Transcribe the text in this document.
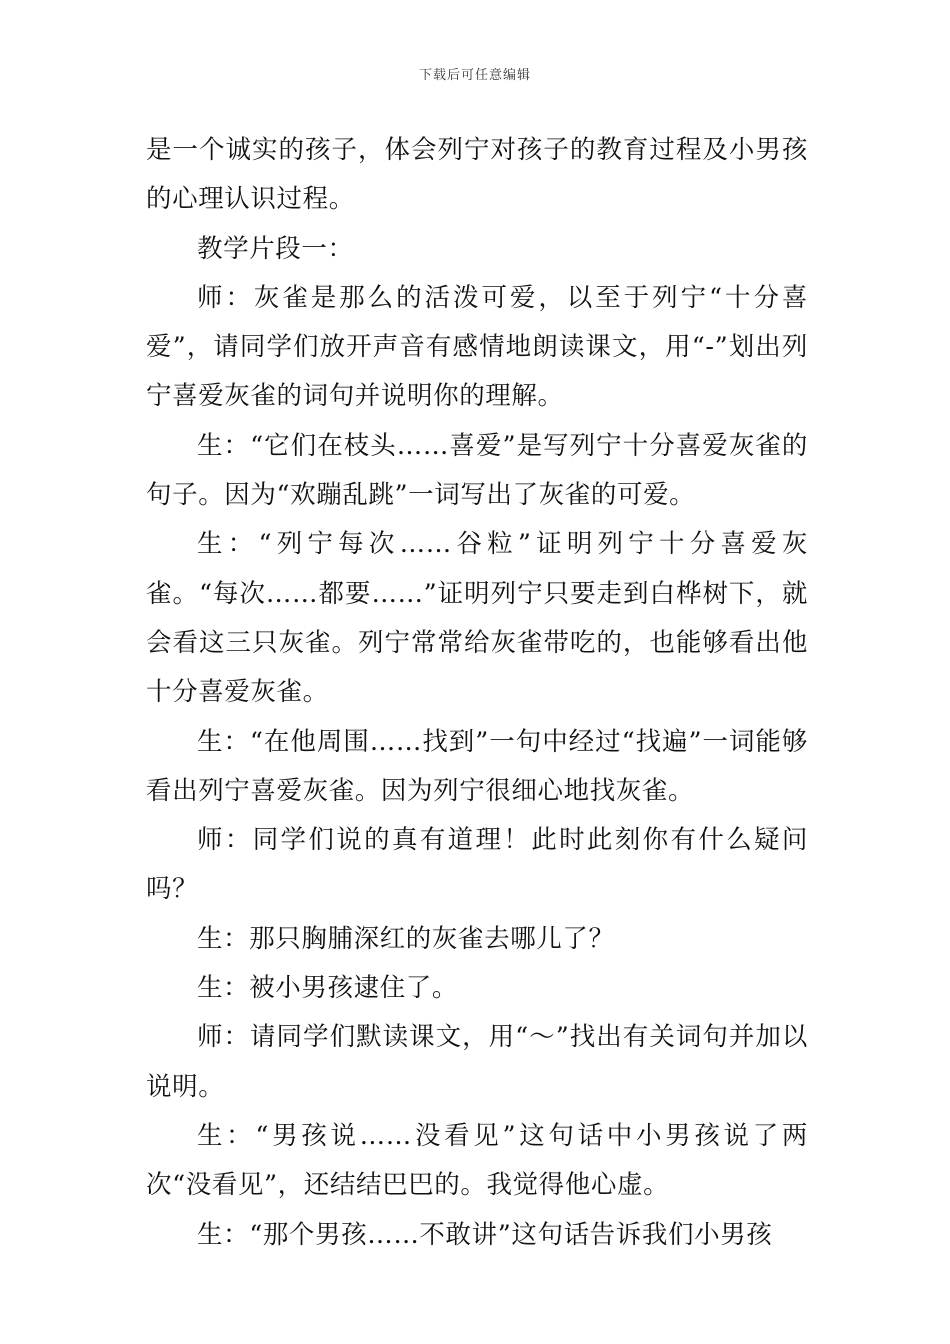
下载后可任意编辑

是一个诚实的孩子，体会列宁对孩子的教育过程及小男孩的心理认识过程。

教学片段一：

师：灰雀是那么的活泼可爱，以至于列宁“十分喜爱”，请同学们放开声音有感情地朗读课文，用“-”划出列宁喜爱灰雀的词句并说明你的理解。

生：“它们在枝头……喜爱”是写列宁十分喜爱灰雀的句子。因为“欢蹦乱跳”一词写出了灰雀的可爱。

生：“列宁每次……谷粒”证明列宁十分喜爱灰雀。“每次……都要……”证明列宁只要走到白桦树下，就会看这三只灰雀。列宁常常给灰雀带吃的，也能够看出他十分喜爱灰雀。

生：“在他周围……找到”一句中经过“找遍”一词能够看出列宁喜爱灰雀。因为列宁很细心地找灰雀。

师：同学们说的真有道理！此时此刻你有什么疑问吗？

生：那只胸脯深红的灰雀去哪儿了？

生：被小男孩逮住了。

师：请同学们默读课文，用“～”找出有关词句并加以说明。

生：“男孩说……没看见”这句话中小男孩说了两次“没看见”，还结结巴巴的。我觉得他心虚。

生：“那个男孩……不敢讲”这句话告诉我们小男孩
